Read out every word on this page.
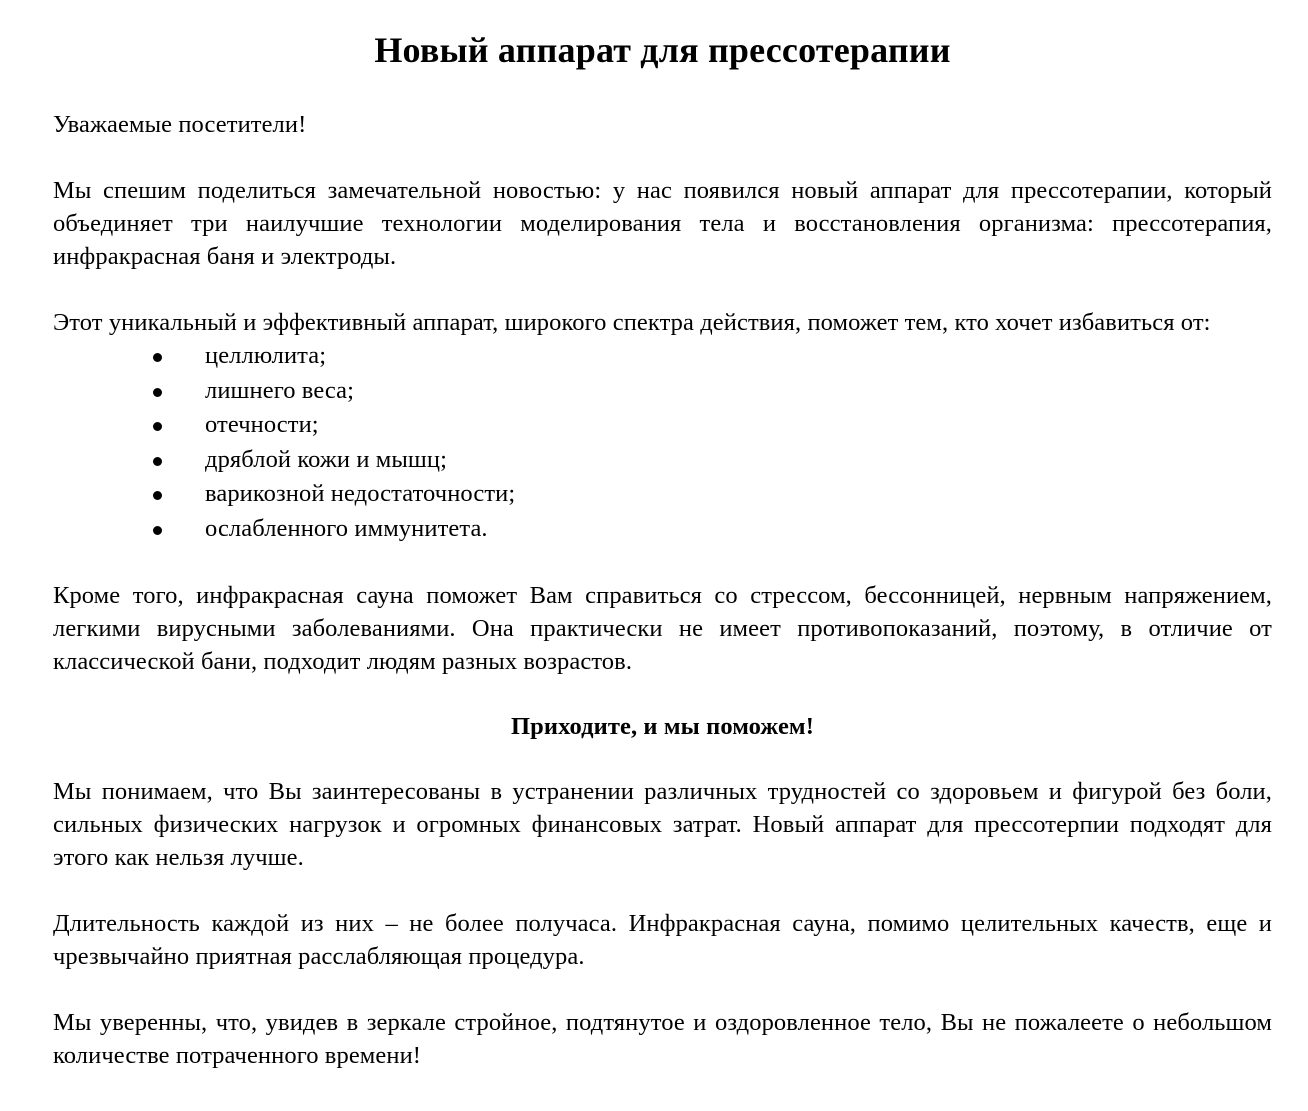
Новый аппарат для прессотерапии

Уважаемые посетители!

Мы спешим поделиться замечательной новостью: у нас появился новый аппарат для прессотерапии, который объединяет три наилучшие технологии моделирования тела и восстановления организма: прессотерапия, инфракрасная баня и электроды.

Этот уникальный и эффективный аппарат, широкого спектра действия, поможет тем, кто хочет избавиться от:

целлюлита;
лишнего веса;
отечности;
дряблой кожи и мышц;
варикозной недостаточности;
ослабленного иммунитета.

Кроме того, инфракрасная сауна поможет Вам справиться со стрессом, бессонницей, нервным напряжением, легкими вирусными заболеваниями. Она практически не имеет противопоказаний, поэтому, в отличие от классической бани, подходит людям разных возрастов.

Приходите, и мы поможем!

Мы понимаем, что Вы заинтересованы в устранении различных трудностей со здоровьем и фигурой без боли, сильных физических нагрузок и огромных финансовых затрат. Новый аппарат для прессотерпии подходят для этого как нельзя лучше.

Длительность каждой из них – не более получаса. Инфракрасная сауна, помимо целительных качеств, еще и чрезвычайно приятная расслабляющая процедура.

Мы уверенны, что, увидев в зеркале стройное, подтянутое и оздоровленное тело, Вы не пожалеете о небольшом количестве потраченного времени!
